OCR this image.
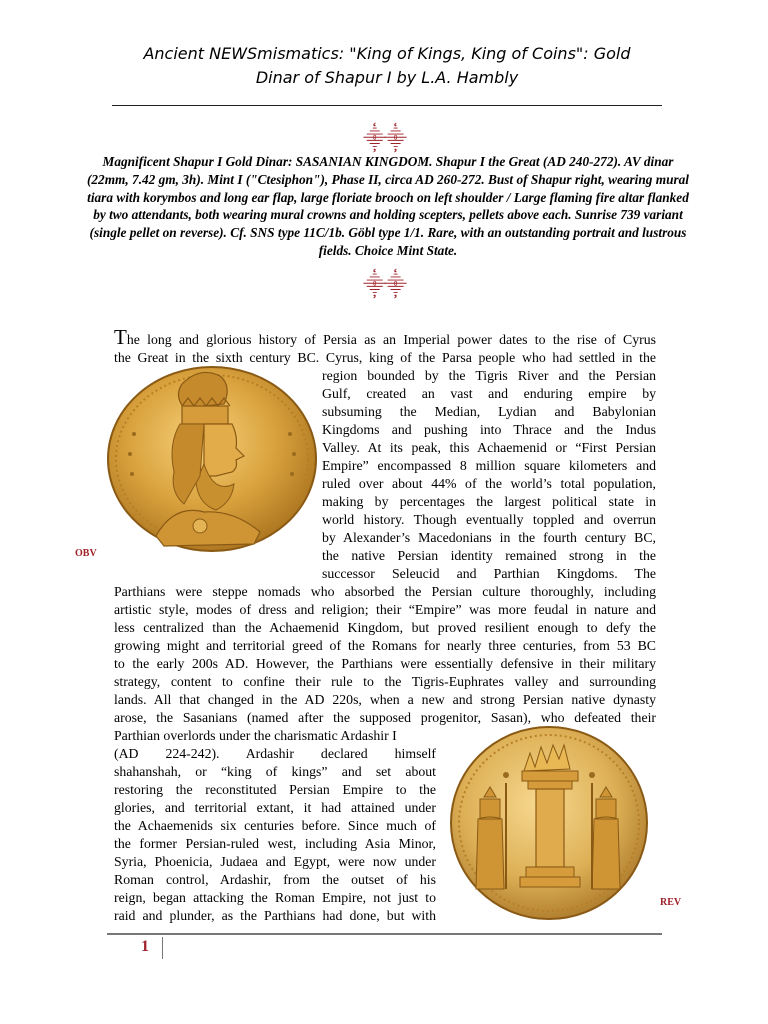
Ancient NEWSmismatics: "King of Kings, King of Coins": Gold
Dinar of Shapur I by L.A. Hambly
⸎⸎
Magnificent Shapur I Gold Dinar: SASANIAN KINGDOM. Shapur I the Great (AD 240-272). AV dinar (22mm, 7.42 gm, 3h). Mint I ("Ctesiphon"), Phase II, circa AD 260-272. Bust of Shapur right, wearing mural tiara with korymbos and long ear flap, large floriate brooch on left shoulder / Large flaming fire altar flanked by two attendants, both wearing mural crowns and holding scepters, pellets above each. Sunrise 739 variant (single pellet on reverse). Cf. SNS type 11C/1b. Göbl type 1/1. Rare, with an outstanding portrait and lustrous fields. Choice Mint State.
⸎⸎
OBV
REV
The long and glorious history of Persia as an Imperial power dates to the rise of Cyrus
the Great in the sixth century BC. Cyrus, king of the Parsa people who had settled in the
region bounded by the Tigris River and the Persian
Gulf, created an vast and enduring empire by
subsuming the Median, Lydian and Babylonian
Kingdoms and pushing into Thrace and the Indus
Valley. At its peak, this Achaemenid or “First Persian
Empire” encompassed 8 million square kilometers and
ruled over about 44% of the world’s total population,
making by percentages the largest political state in
world history. Though eventually toppled and overrun
by Alexander’s Macedonians in the fourth century BC,
the native Persian identity remained strong in the
successor Seleucid and Parthian Kingdoms. The
Parthians were steppe nomads who absorbed the Persian culture thoroughly, including
artistic style, modes of dress and religion; their “Empire” was more feudal in nature and
less centralized than the Achaemenid Kingdom, but proved resilient enough to defy the
growing might and territorial greed of the Romans for nearly three centuries, from 53 BC
to the early 200s AD. However, the Parthians were essentially defensive in their military
strategy, content to confine their rule to the Tigris-Euphrates valley and surrounding
lands. All that changed in the AD 220s, when a new and strong Persian native dynasty
arose, the Sasanians (named after the supposed progenitor, Sasan), who defeated their
Parthian overlords under the charismatic Ardashir I
(AD     224-242).     Ardashir     declared     himself
shahanshah, or “king of kings” and set about
restoring the reconstituted Persian Empire to the
glories, and territorial extant, it had attained under
the Achaemenids six centuries before. Since much of
the former Persian-ruled west, including Asia Minor,
Syria, Phoenicia, Judaea and Egypt, were now under
Roman control, Ardashir, from the outset of his
reign, began attacking the Roman Empire, not just to
raid and plunder, as the Parthians had done, but with
1
